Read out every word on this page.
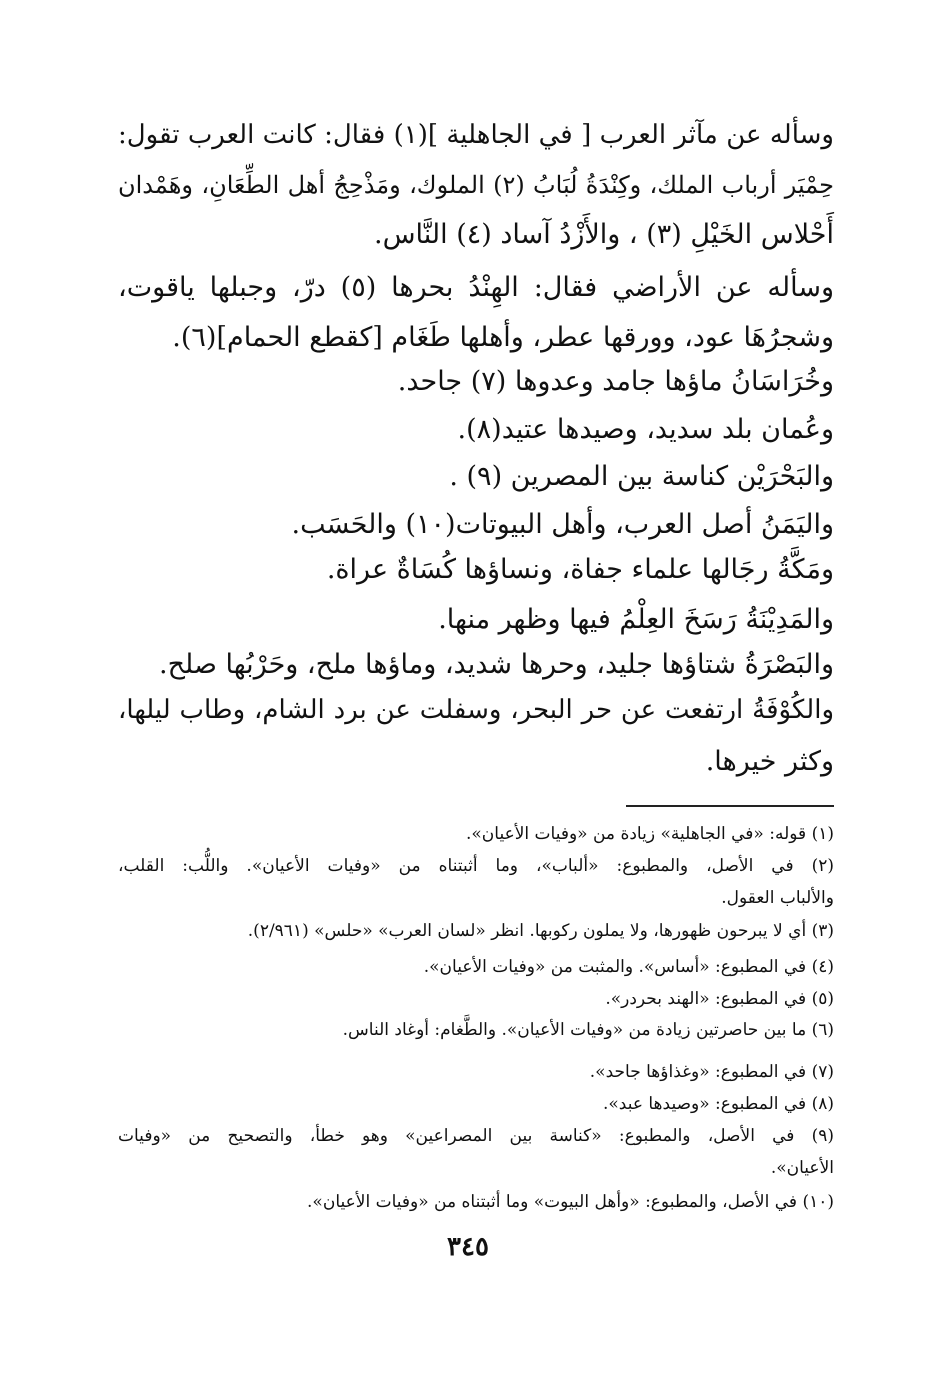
وسأله عن مآثر العرب [ في الجاهلية ](١) فقال: كانت العرب تقول:
حِمْيَر أرباب الملك، وكِنْدَةُ لُبَابُ (٢) الملوك، ومَذْحِجُ أهل الطِّعَانِ، وهَمْدان
أَحْلاس الخَيْلِ (٣) ، والأَزْدُ آساد (٤) النَّاس.
وسأله عن الأراضي فقال: الهِنْدُ بحرها (٥) درّ، وجبلها ياقوت،
وشجرُهَا عود، وورقها عطر، وأهلها طَغَام [كقطع الحمام](٦).
وخُرَاسَانُ ماؤها جامد وعدوها (٧) جاحد.
وعُمان بلد سديد، وصيدها عتيد(٨).
والبَحْرَيْن كناسة بين المصرين (٩) .
واليَمَنُ أصل العرب، وأهل البيوتات(١٠) والحَسَب.
ومَكَّةُ رجَالها علماء جفاة، ونساؤها كُسَاةٌ عراة.
والمَدِيْنَةُ رَسَخَ العِلْمُ فيها وظهر منها.
والبَصْرَةُ شتاؤها جليد، وحرها شديد، وماؤها ملح، وحَرْبُها صلح.
والكُوْفَةُ ارتفعت عن حر البحر، وسفلت عن برد الشام، وطاب ليلها،
وكثر خيرها.
(١) قوله: «في الجاهلية» زيادة من «وفيات الأعيان».
(٢) في الأصل، والمطبوع: «ألباب»، وما أثبتناه من «وفيات الأعيان». واللُّب: القلب،
والألباب العقول.
(٣) أي لا يبرحون ظهورها، ولا يملون ركوبها. انظر «لسان العرب» «حلس» (٢/٩٦١).
(٤) في المطبوع: «أساس». والمثبت من «وفيات الأعيان».
(٥) في المطبوع: «الهند بحردر».
(٦) ما بين حاصرتين زيادة من «وفيات الأعيان». والطَّغام: أوغاد الناس.
(٧) في المطبوع: «وغذاؤها جاحد».
(٨) في المطبوع: «وصيدها عبد».
(٩) في الأصل، والمطبوع: «كناسة بين المصراعين» وهو خطأ، والتصحيح من «وفيات
الأعيان».
(١٠) في الأصل، والمطبوع: «وأهل البيوت» وما أثبتناه من «وفيات الأعيان».
٣٤٥
